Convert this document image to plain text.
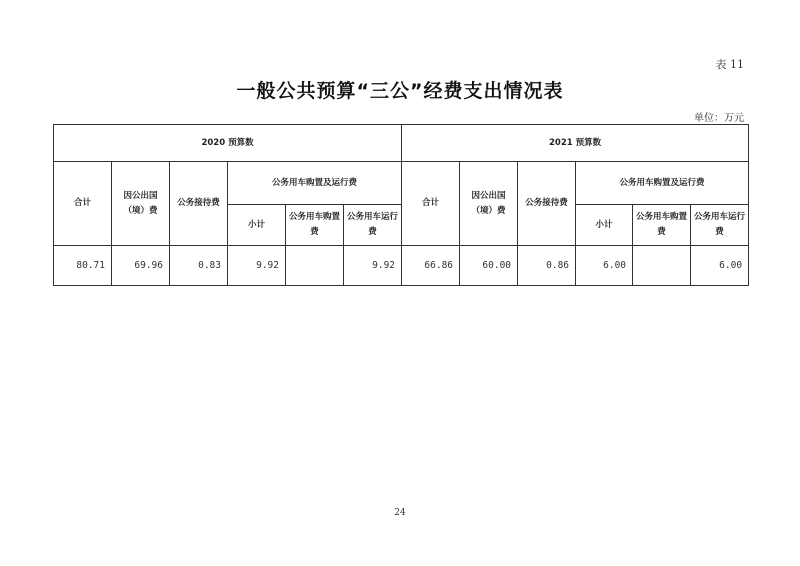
表 11
一般公共预算“三公”经费支出情况表
单位：万元
2020 预算数						2021 预算数					
合计	因公出国（境）费	公务接待费	公务用车购置及运行费			合计	因公出国（境）费	公务接待费	公务用车购置及运行费		
			小计	公务用车购置费	公务用车运行费				小计	公务用车购置费	公务用车运行费
80.71	69.96	0.83	9.92		9.92	66.86	60.00	0.86	6.00		6.00
24
